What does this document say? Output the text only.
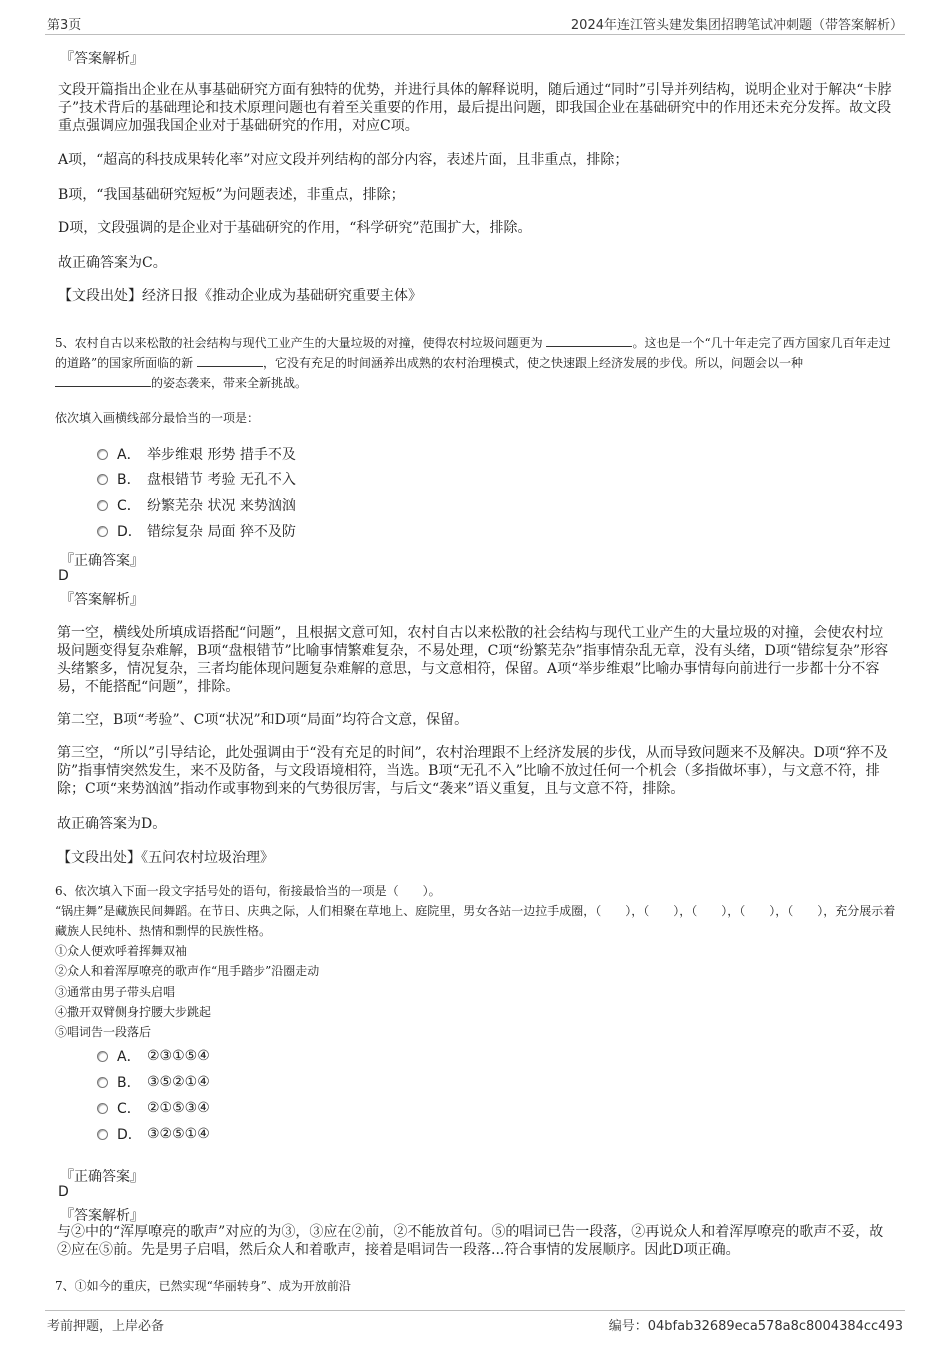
第3页	2024年连江管头建发集团招聘笔试冲刺题（带答案解析）
『答案解析』

文段开篇指出企业在从事基础研究方面有独特的优势，并进行具体的解释说明，随后通过“同时”引导并列结构，说明企业对于解决“卡脖子”技术背后的基础理论和技术原理问题也有着至关重要的作用，最后提出问题，即我国企业在基础研究中的作用还未充分发挥。故文段重点强调应加强我国企业对于基础研究的作用，对应C项。

A项，“超高的科技成果转化率”对应文段并列结构的部分内容，表述片面，且非重点，排除；

B项，“我国基础研究短板”为问题表述，非重点，排除；

D项，文段强调的是企业对于基础研究的作用，“科学研究”范围扩大，排除。

故正确答案为C。

【文段出处】经济日报《推动企业成为基础研究重要主体》

5、农村自古以来松散的社会结构与现代工业产生的大量垃圾的对撞，使得农村垃圾问题更为	。这也是一个“几十年走完了西方国家几百年走过的道路”的国家所面临的新	，它没有充足的时间涵养出成熟的农村治理模式，使之快速跟上经济发展的步伐。所以，问题会以一种 的姿态袭来，带来全新挑战。

依次填入画横线部分最恰当的一项是：

A． 举步维艰 形势 措手不及
B． 盘根错节 考验 无孔不入
C． 纷繁芜杂 状况 来势汹汹
D． 错综复杂 局面 猝不及防
『正确答案』
D
『答案解析』

第一空，横线处所填成语搭配“问题”，且根据文意可知，农村自古以来松散的社会结构与现代工业产生的大量垃圾的对撞，会使农村垃圾问题变得复杂难解，B项“盘根错节”比喻事情繁难复杂，不易处理，C项“纷繁芜杂”指事情杂乱无章，没有头绪，D项“错综复杂”形容头绪繁多，情况复杂，三者均能体现问题复杂难解的意思，与文意相符，保留。A项“举步维艰”比喻办事情每向前进行一步都十分不容易，不能搭配“问题”，排除。

第二空，B项“考验”、C项“状况”和D项“局面”均符合文意，保留。

第三空，“所以”引导结论，此处强调由于“没有充足的时间”，农村治理跟不上经济发展的步伐，从而导致问题来不及解决。D项“猝不及防”指事情突然发生，来不及防备，与文段语境相符，当选。B项“无孔不入”比喻不放过任何一个机会（多指做坏事），与文意不符，排除；C项“来势汹汹”指动作或事物到来的气势很厉害，与后文“袭来”语义重复，且与文意不符，排除。

故正确答案为D。

【文段出处】《五问农村垃圾治理》

6、依次填入下面一段文字括号处的语句，衔接最恰当的一项是（　　）。

“锅庄舞”是藏族民间舞蹈。在节日、庆典之际，人们相聚在草地上、庭院里，男女各站一边拉手成圈，（　　），（　　），（　　），（　　），（　　），充分展示着藏族人民纯朴、热情和剽悍的民族性格。

①众人便欢呼着挥舞双袖

②众人和着浑厚嘹亮的歌声作“甩手踏步”沿圈走动

③通常由男子带头启唱

④撒开双臂侧身拧腰大步跳起

⑤唱词告一段落后

A． ②③①⑤④
B． ③⑤②①④
C． ②①⑤③④
D． ③②⑤①④
『正确答案』
D
『答案解析』

与②中的“浑厚嘹亮的歌声”对应的为③，③应在②前，②不能放首句。⑤的唱词已告一段落，②再说众人和着浑厚嘹亮的歌声不妥，故②应在⑤前。先是男子启唱，然后众人和着歌声，接着是唱词告一段落...符合事情的发展顺序。因此D项正确。

7、①如今的重庆，已然实现“华丽转身”、成为开放前沿

考前押题，上岸必备	编号：04bfab32689eca578a8c8004384cc493
